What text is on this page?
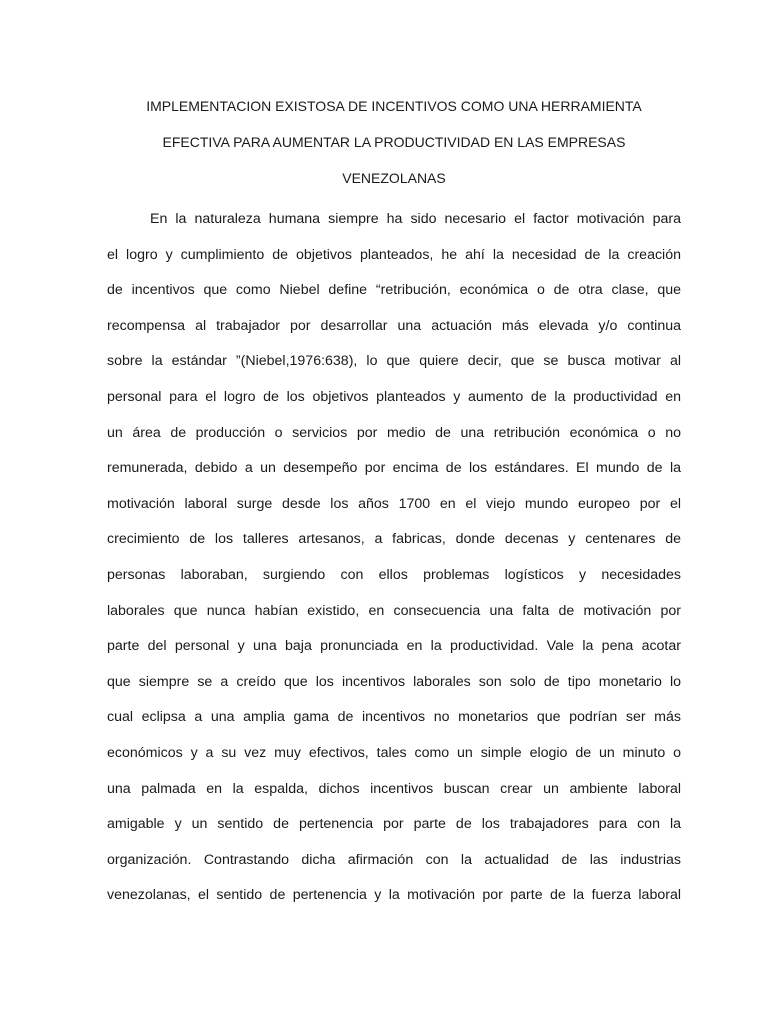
IMPLEMENTACION EXISTOSA DE INCENTIVOS COMO UNA HERRAMIENTA
EFECTIVA PARA AUMENTAR LA PRODUCTIVIDAD EN LAS EMPRESAS
VENEZOLANAS
En la naturaleza humana siempre ha sido necesario el factor motivación para
el logro y cumplimiento de objetivos planteados, he ahí la necesidad de la creación
de incentivos que como Niebel define “retribución, económica o de otra clase, que
recompensa al trabajador por desarrollar una actuación más elevada y/o continua
sobre la estándar ”(Niebel,1976:638), lo que quiere decir, que se busca motivar al
personal para el logro de los objetivos planteados y aumento de la productividad en
un área de producción o servicios por medio de una retribución económica o no
remunerada, debido a un desempeño por encima de los estándares. El mundo de la
motivación laboral surge desde los años 1700 en el viejo mundo europeo por el
crecimiento de los talleres artesanos, a fabricas, donde decenas y centenares de
personas laboraban, surgiendo con ellos problemas logísticos y necesidades
laborales que nunca habían existido, en consecuencia una falta de motivación por
parte del personal y una baja pronunciada en la productividad. Vale la pena acotar
que siempre se a creído que los incentivos laborales son solo de tipo monetario lo
cual eclipsa a una amplia gama de incentivos no monetarios que podrían ser más
económicos y a su vez muy efectivos, tales como un simple elogio de un minuto o
una palmada en la espalda, dichos incentivos buscan crear un ambiente laboral
amigable y un sentido de pertenencia por parte de los trabajadores para con la
organización. Contrastando dicha afirmación con la actualidad de las industrias
venezolanas, el sentido de pertenencia y la motivación por parte de la fuerza laboral
